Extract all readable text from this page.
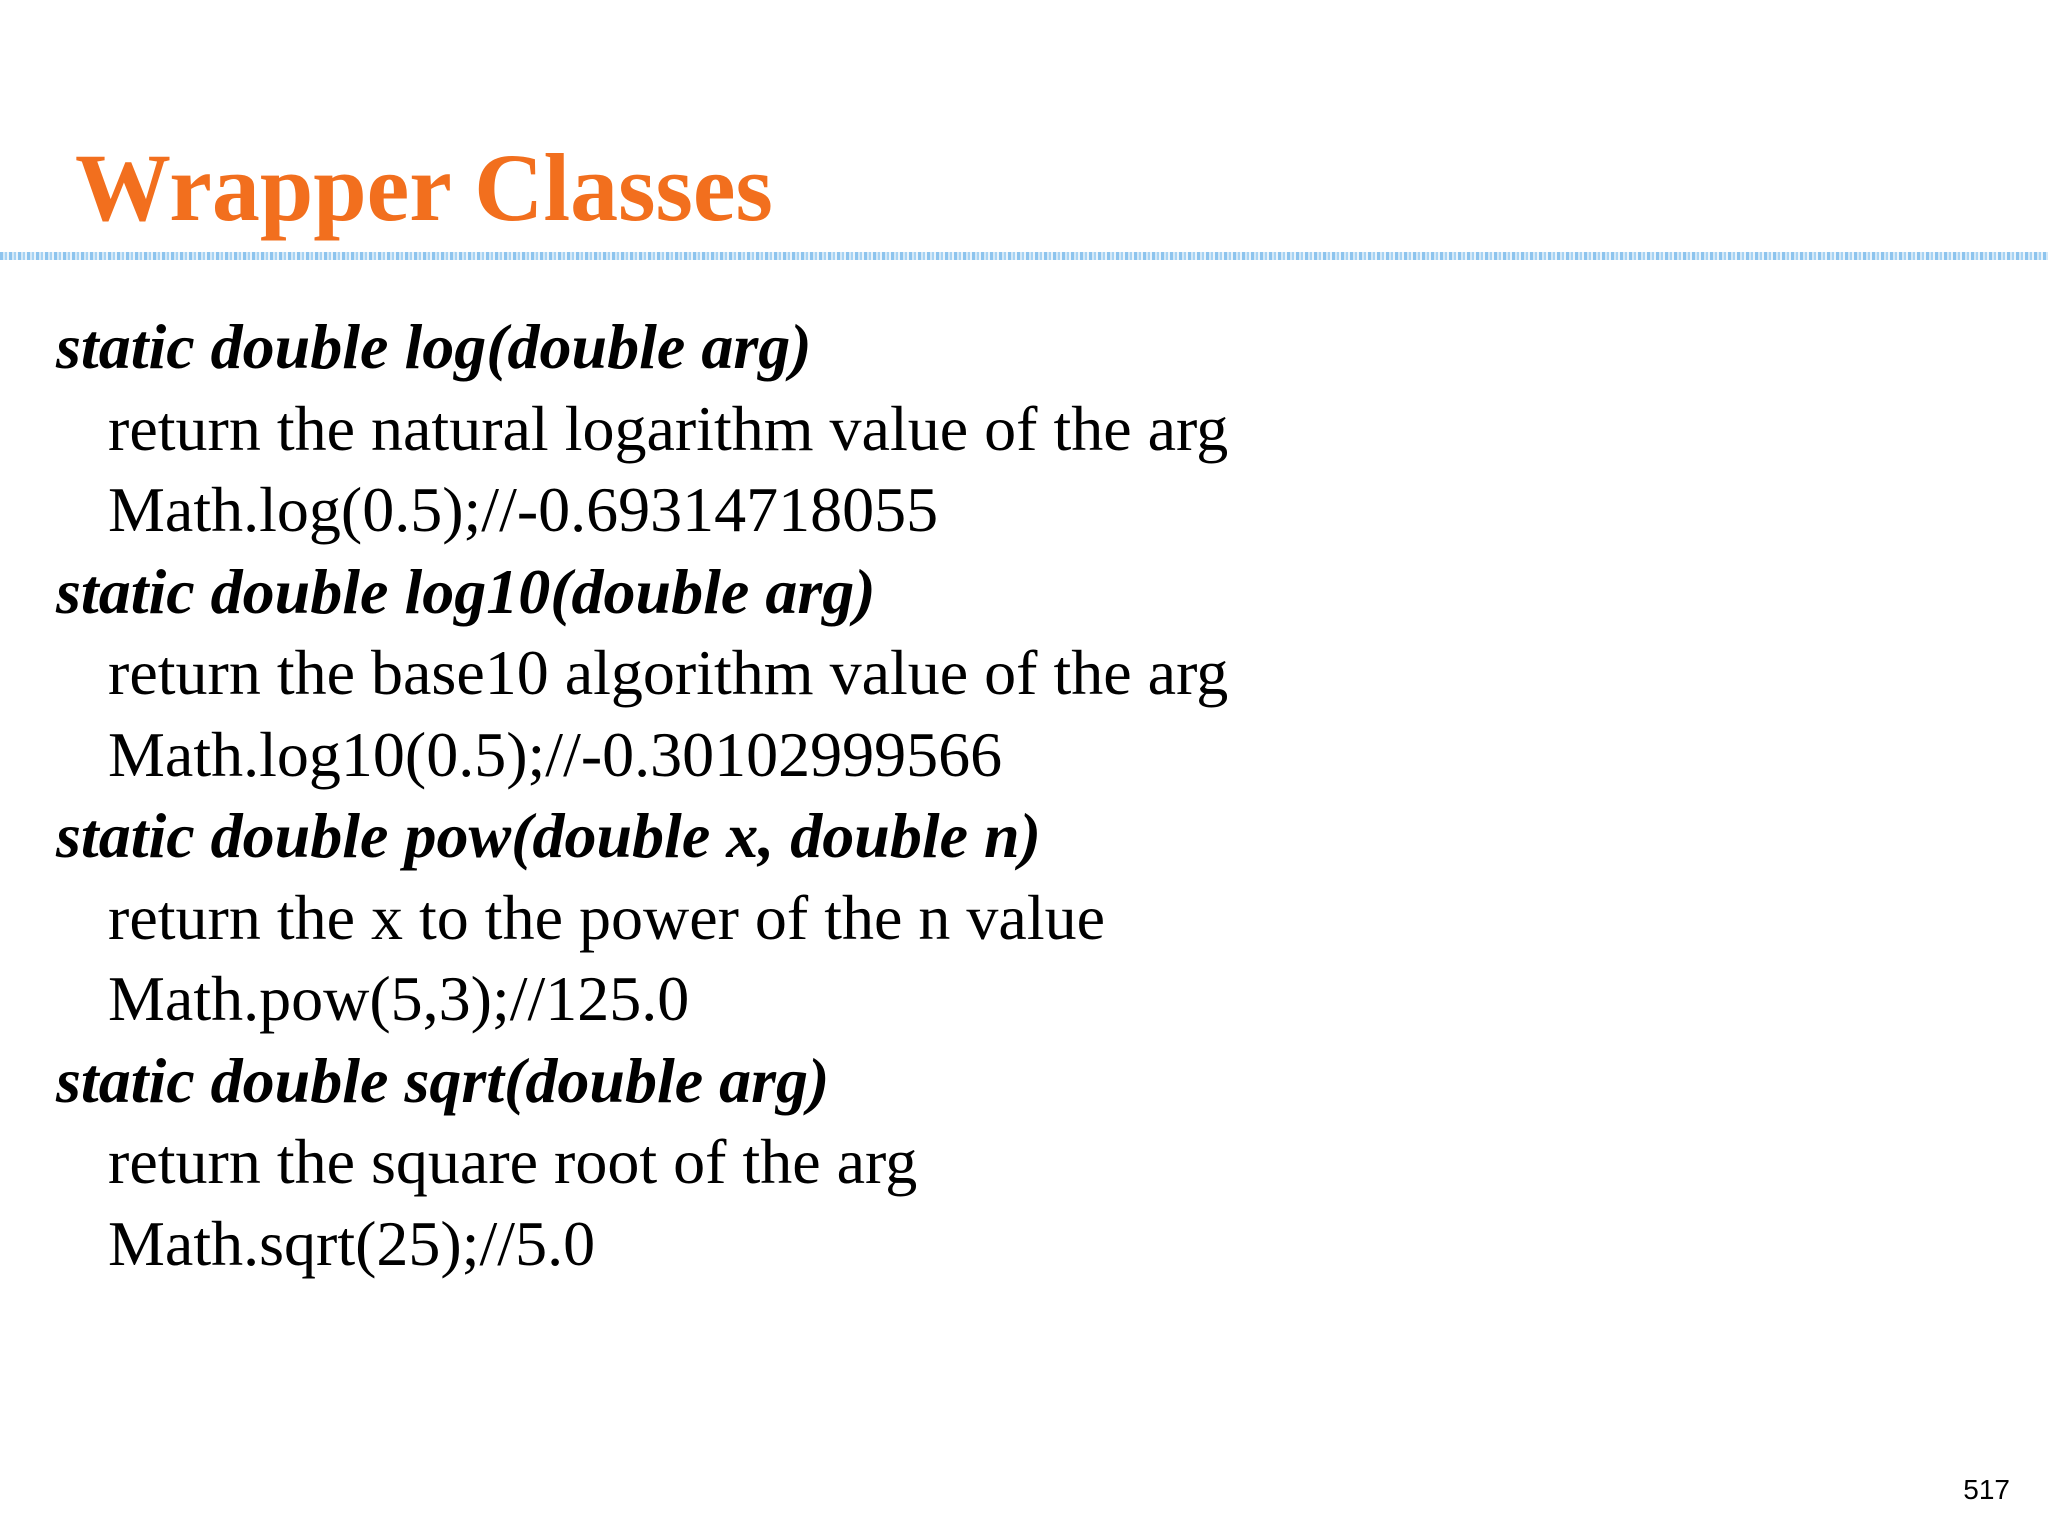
Wrapper Classes
static double log(double arg)
return the natural logarithm value of the arg
Math.log(0.5);//-0.69314718055
static double log10(double arg)
return the base10 algorithm value of the arg
Math.log10(0.5);//-0.30102999566
static double pow(double x, double n)
return the x to the power of the n value
Math.pow(5,3);//125.0
static double sqrt(double arg)
return the square root of the arg
Math.sqrt(25);//5.0
517
